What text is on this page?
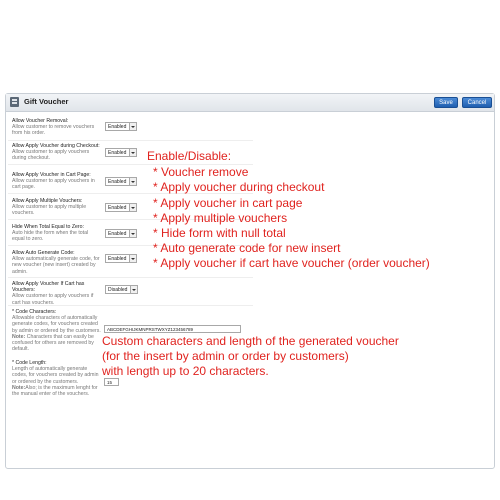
Gift Voucher	Save	Cancel
Allow Voucher Removal:
Allow customer to remove vouchers from his order.
Enabled
Allow Apply Voucher during Checkout:
Allow customer to apply vouchers during checkout.
Enabled
Allow Apply Voucher in Cart Page:
Allow customer to apply vouchers in cart page.
Enabled
Allow Apply Multiple Vouchers:
Allow customer to apply multiple vouchers.
Enabled
Hide When Total Equal to Zero:
Auto hide the form when the total equal to zero.
Enabled
Allow Auto Generate Code:
Allow automatically generate code, for new voucher (new insert) created by admin.
Enabled
Allow Apply Voucher If Cart has Vouchers:
Allow customer to apply vouchers if cart has vouchers.
Disabled
* Code Characters:
Allowable characters of automatically generate codes, for vouchers created by admin or ordered by the customers. Note: Characters that can easily be confused for others are removed by default.
ABCDEFGHIJKMNPRSTWXYZ123456789
* Code Length:
Length of automatically generate codes, for vouchers created by admin or ordered by the customers. Note:Also; is the maximum lenght for the manual enter of the vouchers.
15
Enable/Disable:
* Voucher remove
* Apply voucher during checkout
* Apply voucher in cart page
* Apply multiple vouchers
* Hide form with null total
* Auto generate code for new insert
* Apply voucher if cart have voucher (order voucher)
Custom characters and length of the generated voucher
(for the insert by admin or order by customers)
with length up to 20 characters.
